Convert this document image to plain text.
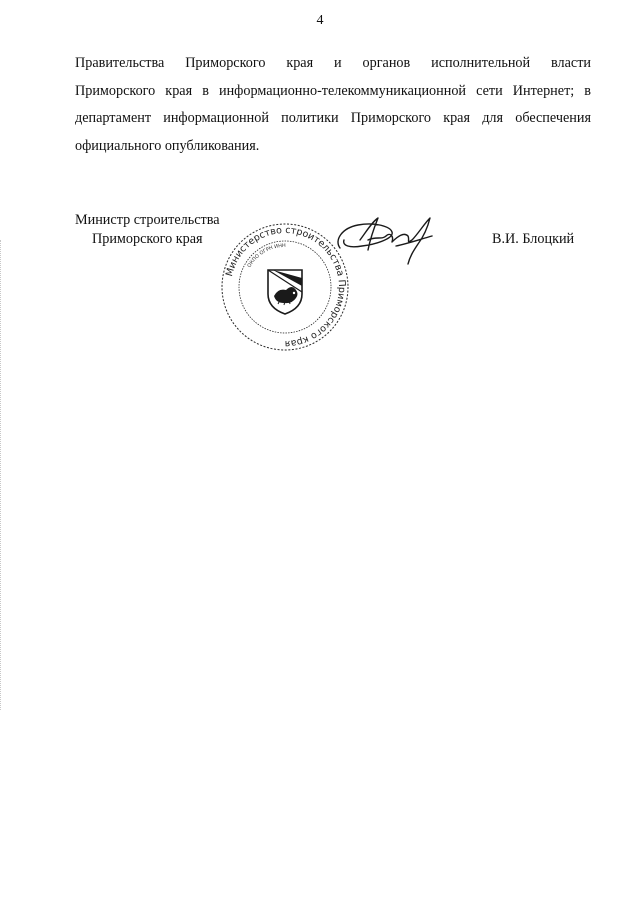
4
Правительства Приморского края и органов исполнительной власти
Приморского края в информационно-телекоммуникационной сети Интернет; в
департамент информационной политики Приморского края для обеспечения
официального опубликования.
Министр строительства
Приморского края
Министерство строительства Приморского края
ОКПО ОГРН ИНН	В.И. Блоцкий
